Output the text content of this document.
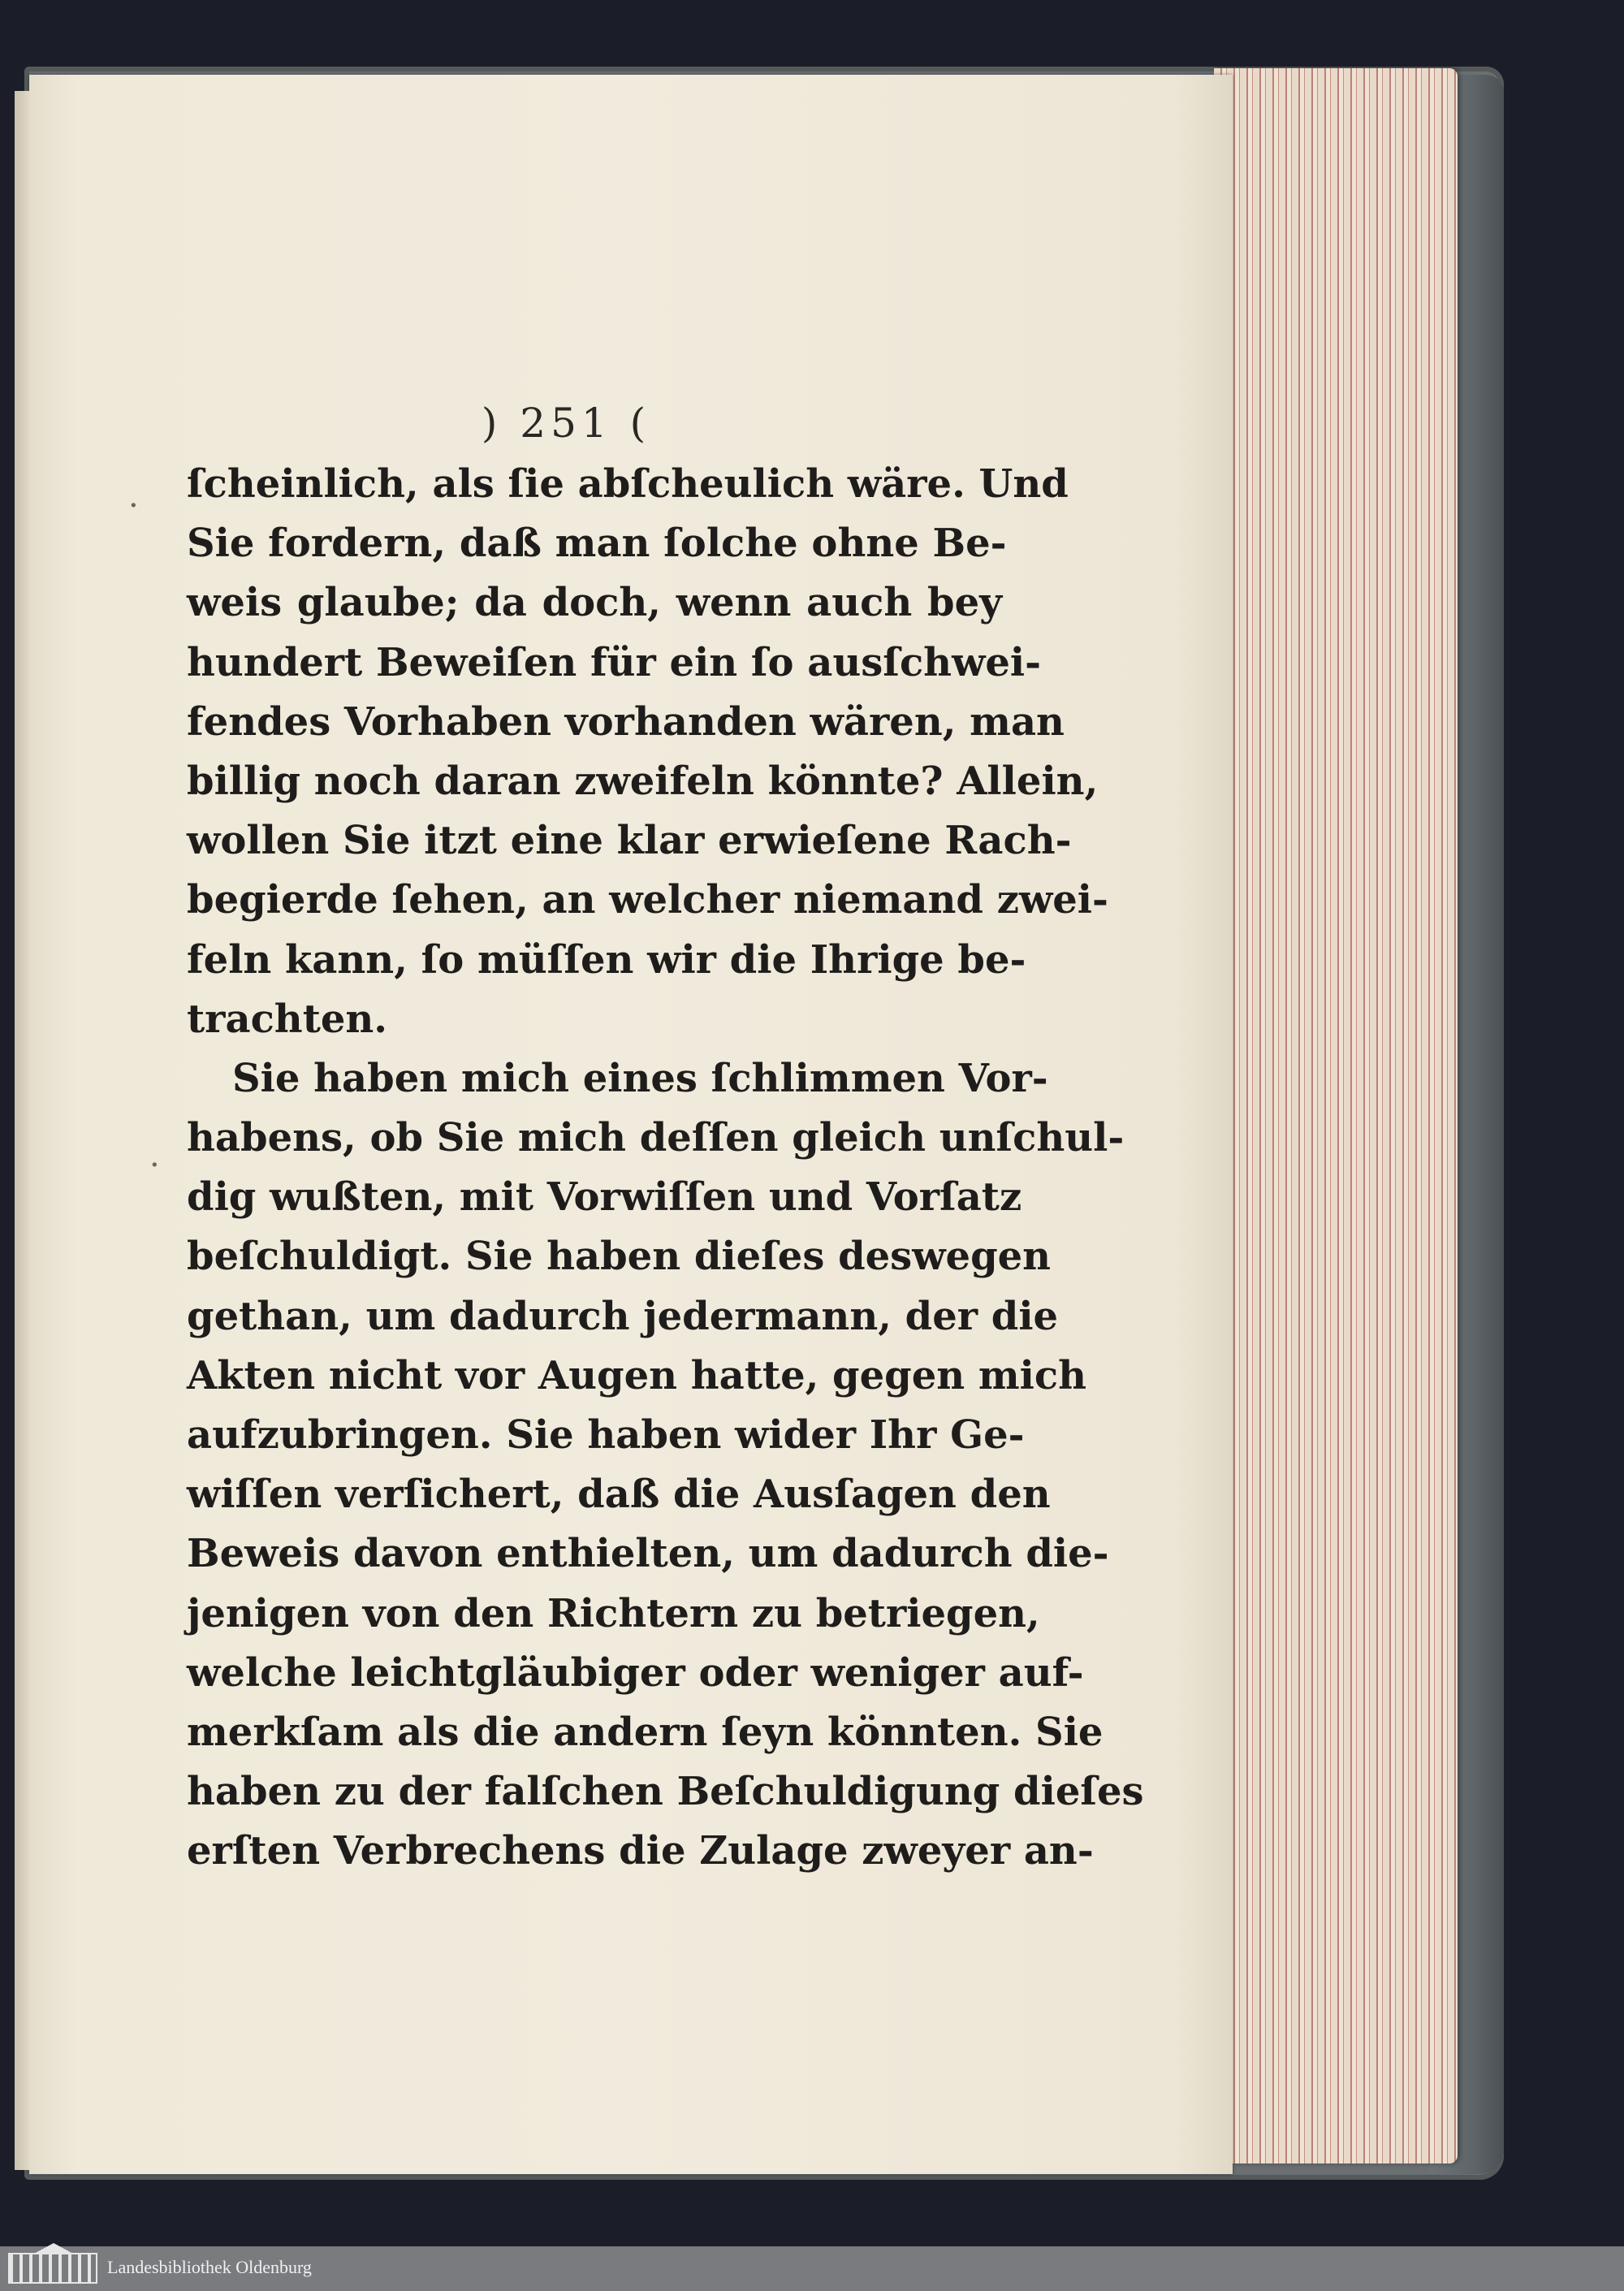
) 251 (
ſcheinlich, als ſie abſcheulich wäre. Und
Sie fordern, daß man ſolche ohne Be-
weis glaube; da doch, wenn auch bey
hundert Beweiſen für ein ſo ausſchwei-
fendes Vorhaben vorhanden wären, man
billig noch daran zweifeln könnte? Allein,
wollen Sie itzt eine klar erwieſene Rach-
begierde ſehen, an welcher niemand zwei-
feln kann, ſo müſſen wir die Ihrige be-
trachten.
Sie haben mich eines ſchlimmen Vor-
habens, ob Sie mich deſſen gleich unſchul-
dig wußten, mit Vorwiſſen und Vorſatz
beſchuldigt. Sie haben dieſes deswegen
gethan, um dadurch jedermann, der die
Akten nicht vor Augen hatte, gegen mich
aufzubringen. Sie haben wider Ihr Ge-
wiſſen verſichert, daß die Ausſagen den
Beweis davon enthielten, um dadurch die-
jenigen von den Richtern zu betriegen,
welche leichtgläubiger oder weniger auf-
merkſam als die andern ſeyn könnten. Sie
haben zu der falſchen Beſchuldigung dieſes
erſten Verbrechens die Zulage zweyer an-
·
·
Landesbibliothek Oldenburg
